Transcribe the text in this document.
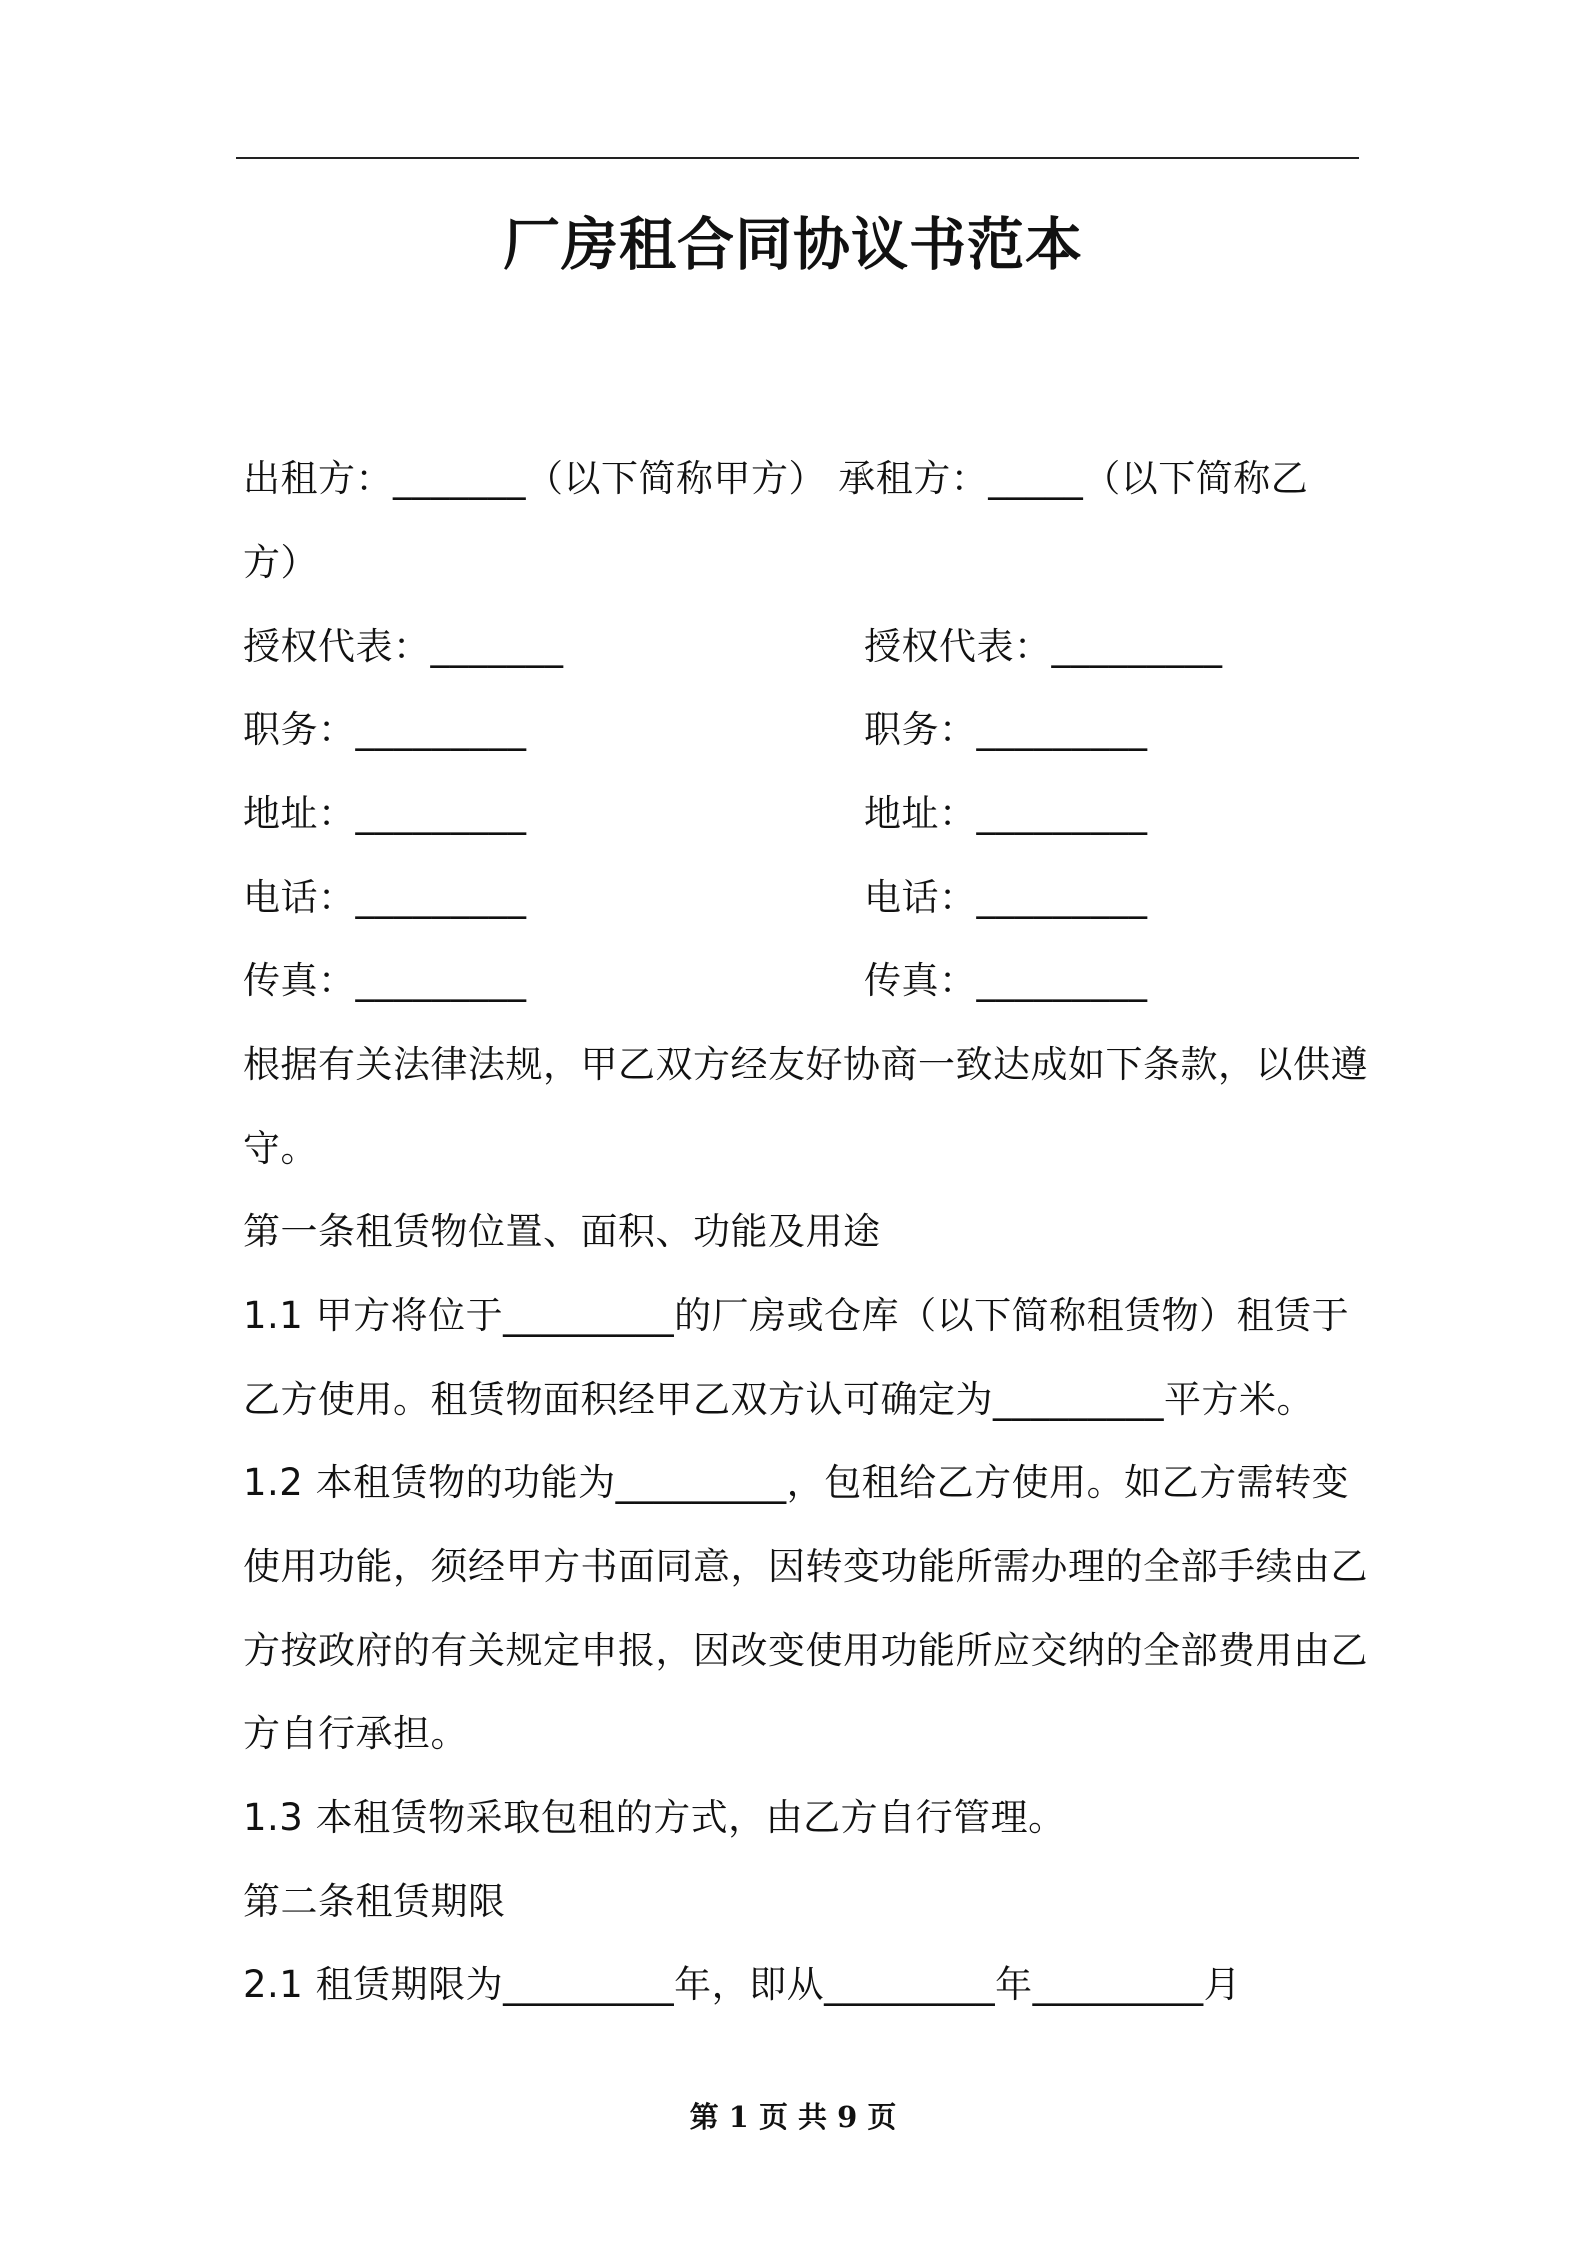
厂房租合同协议书范本
出租方：_______（以下简称甲方） 承租方：_____（以下简称乙
方）
授权代表：_______	授权代表：_________
职务：_________	职务：_________
地址：_________	地址：_________
电话：_________	电话：_________
传真：_________	传真：_________
根据有关法律法规，甲乙双方经友好协商一致达成如下条款，以供遵
守。
第一条租赁物位置、面积、功能及用途
1.1 甲方将位于_________的厂房或仓库（以下简称租赁物）租赁于
乙方使用。租赁物面积经甲乙双方认可确定为_________平方米。
1.2 本租赁物的功能为_________，包租给乙方使用。如乙方需转变
使用功能，须经甲方书面同意，因转变功能所需办理的全部手续由乙
方按政府的有关规定申报，因改变使用功能所应交纳的全部费用由乙
方自行承担。
1.3 本租赁物采取包租的方式，由乙方自行管理。
第二条租赁期限
2.1 租赁期限为_________年，即从_________年_________月
第 1 页 共 9 页
